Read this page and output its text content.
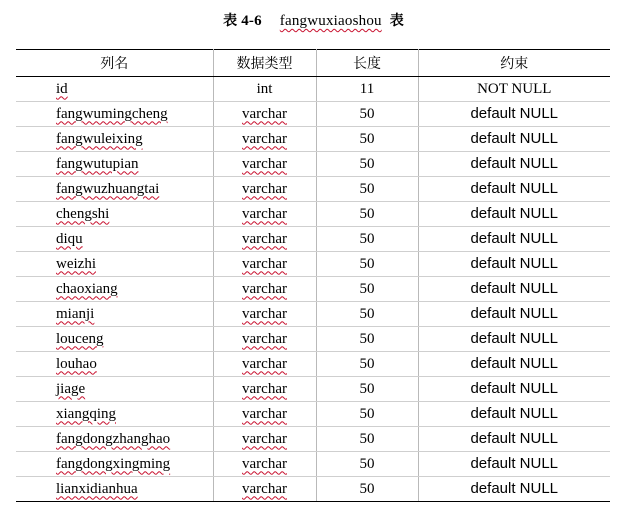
表 4-6 fangwuxiaoshou 表
列名	数据类型	长度	约束
id	int	11	NOT NULL
fangwumingcheng	varchar	50	default NULL
fangwuleixing	varchar	50	default NULL
fangwutupian	varchar	50	default NULL
fangwuzhuangtai	varchar	50	default NULL
chengshi	varchar	50	default NULL
diqu	varchar	50	default NULL
weizhi	varchar	50	default NULL
chaoxiang	varchar	50	default NULL
mianji	varchar	50	default NULL
louceng	varchar	50	default NULL
louhao	varchar	50	default NULL
jiage	varchar	50	default NULL
xiangqing	varchar	50	default NULL
fangdongzhanghao	varchar	50	default NULL
fangdongxingming	varchar	50	default NULL
lianxidianhua	varchar	50	default NULL
